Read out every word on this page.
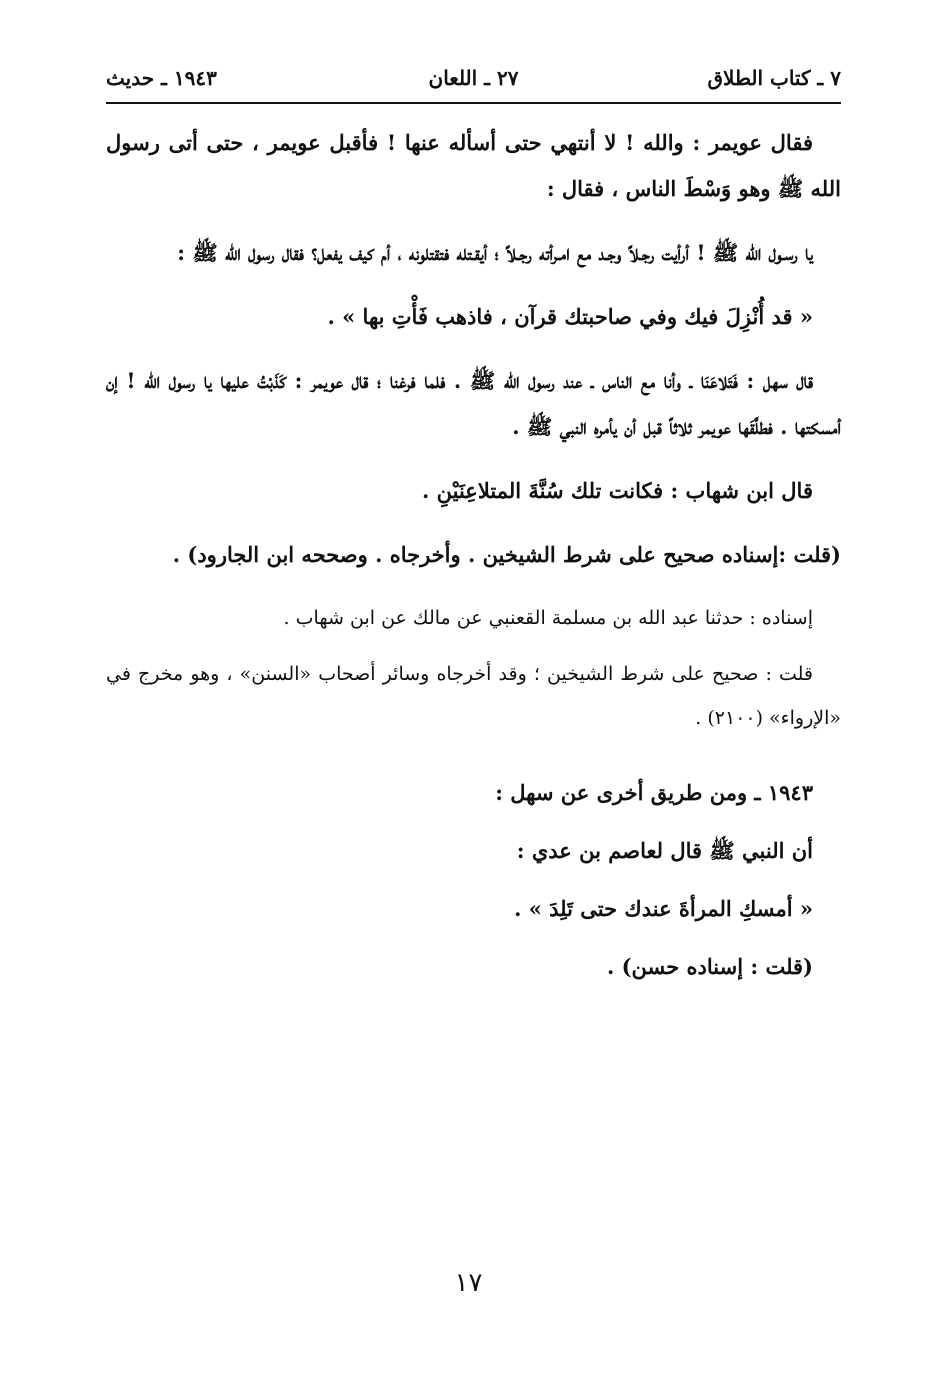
٧ ـ كتاب الطلاق
٢٧ ـ اللعان
١٩٤٣ ـ حديث

فقال عويمر : والله ! لا أنتهي حتى أسأله عنها ! فأقبل عويمر ، حتى أتى رسول الله ﷺ وهو وَسْطَ الناس ، فقال :

يا رسـول الله ﷺ ! أرأيت رجـلاً وجـد مع امـرأته رجـلاً ؛ أيقـتله فتقتلونه ، أم كيف يفعل؟ فقال رسول الله ﷺ :

« قد أُنْزِلَ فيك وفي صاحبتك قرآن ، فاذهب فَأْتِ بها » .

قال سهل : فَتَلاعَنَا ـ وأنا مع الناس ـ عند رسول الله ﷺ . فلما فرغنا ؛ قال عويمر : كَذَبْتُ عليها يا رسول الله ! إن أمسكتها . فطلَّقَها عويمر ثلاثاً قبل أن يأمره النبي ﷺ .

قال ابن شهاب : فكانت تلك سُنَّةَ المتلاعِنَيْنِ .

(قلت :إسناده صحيح على شرط الشيخين . وأخرجاه . وصححه ابن الجارود) .

إسناده : حدثنا عبد الله بن مسلمة القعنبي عن مالك عن ابن شهاب .

قلت : صحيح على شرط الشيخين ؛ وقد أخرجاه وسائر أصحاب «السنن» ، وهو مخرج في «الإرواء» (٢١٠٠) .

١٩٤٣ ـ ومن طريق أخرى عن سهل :

أن النبي ﷺ قال لعاصم بن عدي :

« أمسكِ المرأةَ عندك حتى تَلِدَ » .

(قلت : إسناده حسن) .

١٧
